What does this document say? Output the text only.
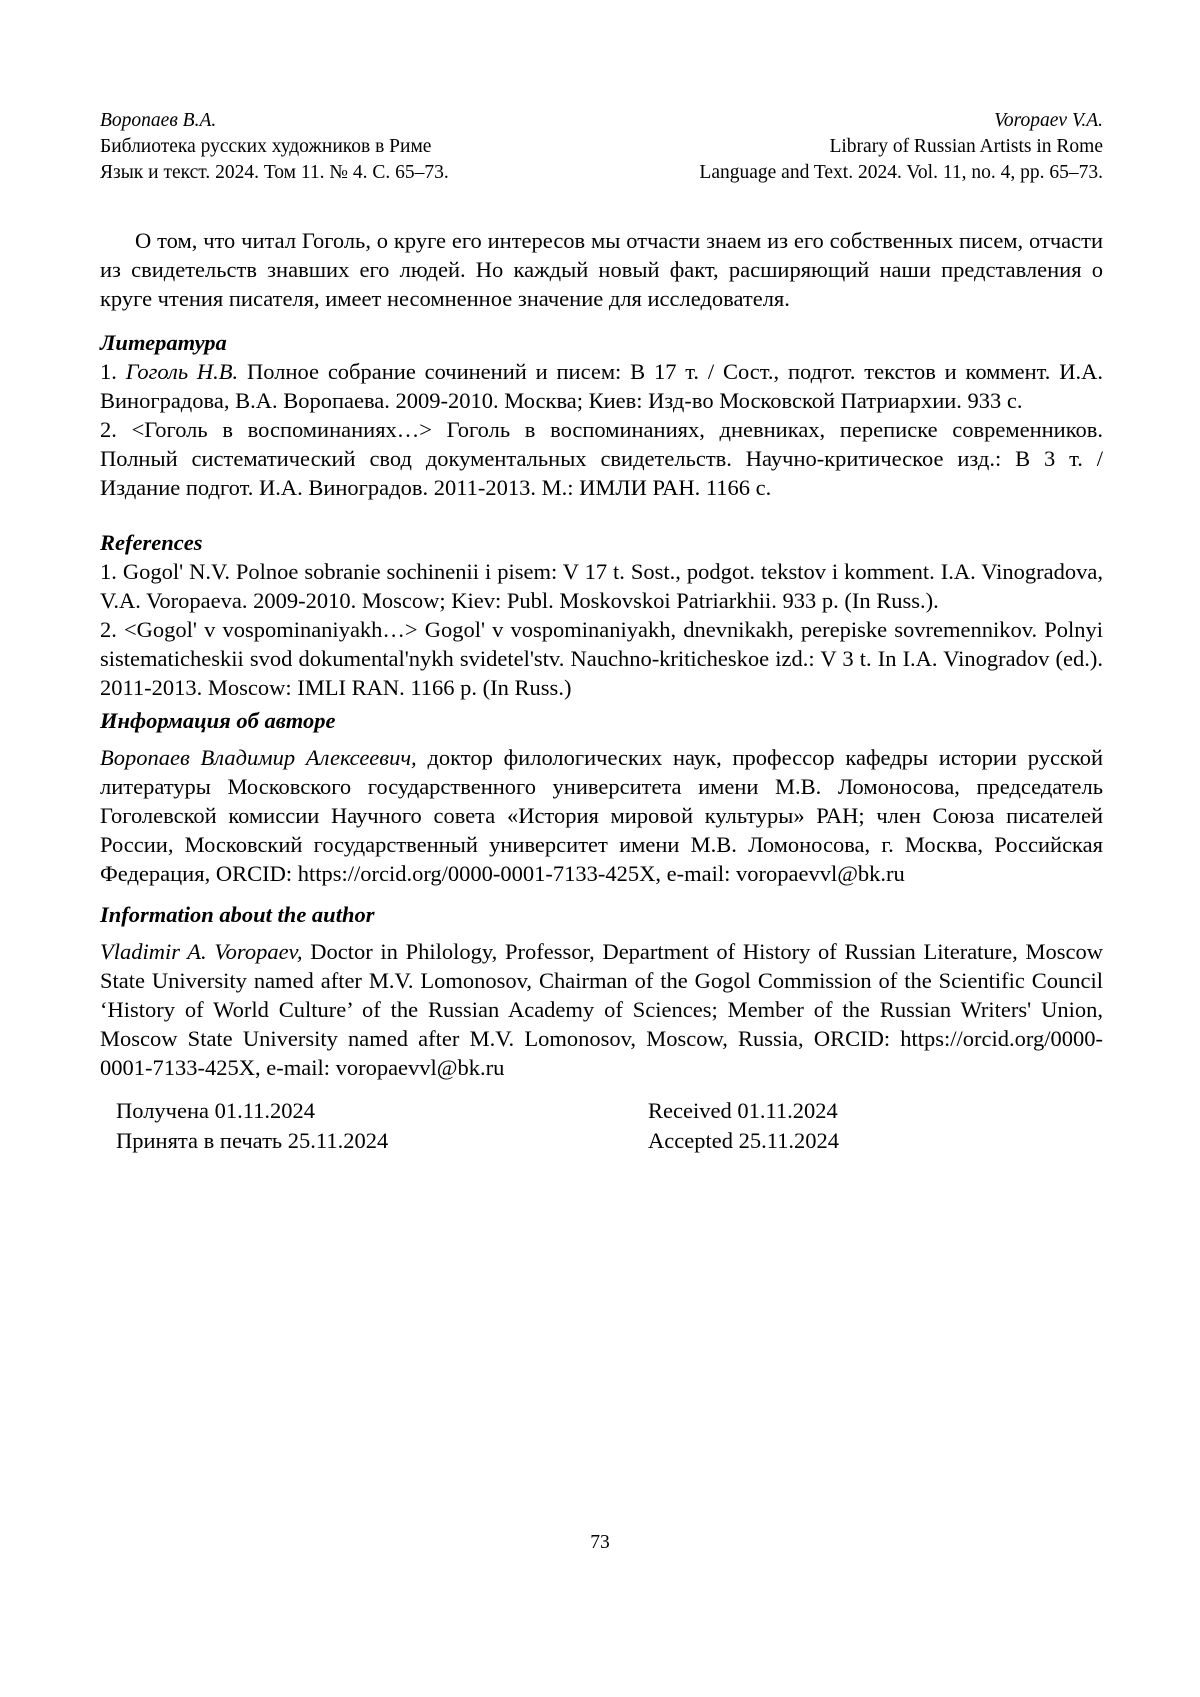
Воропаев В.А.
Библиотека русских художников в Риме
Язык и текст. 2024. Том 11. № 4. С. 65–73.
Voropaev V.A.
Library of Russian Artists in Rome
Language and Text. 2024. Vol. 11, no. 4, pp. 65–73.

О том, что читал Гоголь, о круге его интересов мы отчасти знаем из его собственных писем, отчасти из свидетельств знавших его людей. Но каждый новый факт, расширяющий наши представления о круге чтения писателя, имеет несомненное значение для исследователя.

Литература

1. Гоголь Н.В. Полное собрание сочинений и писем: В 17 т. / Сост., подгот. текстов и коммент. И.А. Виноградова, В.А. Воропаева. 2009-2010. Москва; Киев: Изд-во Московской Патриархии. 933 с.

2. <Гоголь в воспоминаниях…> Гоголь в воспоминаниях, дневниках, переписке современников. Полный систематический свод документальных свидетельств. Научно-критическое изд.: В 3 т. / Издание подгот. И.А. Виноградов. 2011-2013. М.: ИМЛИ РАН. 1166 с.

References

1. Gogol' N.V. Polnoe sobranie sochinenii i pisem: V 17 t. Sost., podgot. tekstov i komment. I.A. Vinogradova, V.A. Voropaeva. 2009-2010. Moscow; Kiev: Publ. Moskovskoi Patriarkhii. 933 p. (In Russ.).

2. <Gogol' v vospominaniyakh…> Gogol' v vospominaniyakh, dnevnikakh, perepiske sovremennikov. Polnyi sistematicheskii svod dokumental'nykh svidetel'stv. Nauchno-kriticheskoe izd.: V 3 t. In I.A. Vinogradov (ed.). 2011-2013. Moscow: IMLI RAN. 1166 p. (In Russ.)

Информация об авторе

Воропаев Владимир Алексеевич, доктор филологических наук, профессор кафедры истории русской литературы Московского государственного университета имени М.В. Ломоносова, председатель Гоголевской комиссии Научного совета «История мировой культуры» РАН; член Союза писателей России, Московский государственный университет имени М.В. Ломоносова, г. Москва, Российская Федерация, ORCID: https://orcid.org/0000-0001-7133-425X, e-mail: voropaevvl@bk.ru

Information about the author

Vladimir A. Voropaev, Doctor in Philology, Professor, Department of History of Russian Literature, Moscow State University named after M.V. Lomonosov, Chairman of the Gogol Commission of the Scientific Council ‘History of World Culture’ of the Russian Academy of Sciences; Member of the Russian Writers' Union, Moscow State University named after M.V. Lomonosov, Moscow, Russia, ORCID: https://orcid.org/0000-0001-7133-425X, e-mail: voropaevvl@bk.ru

Получена 01.11.2024
Принята в печать 25.11.2024
Received 01.11.2024
Accepted 25.11.2024
73
